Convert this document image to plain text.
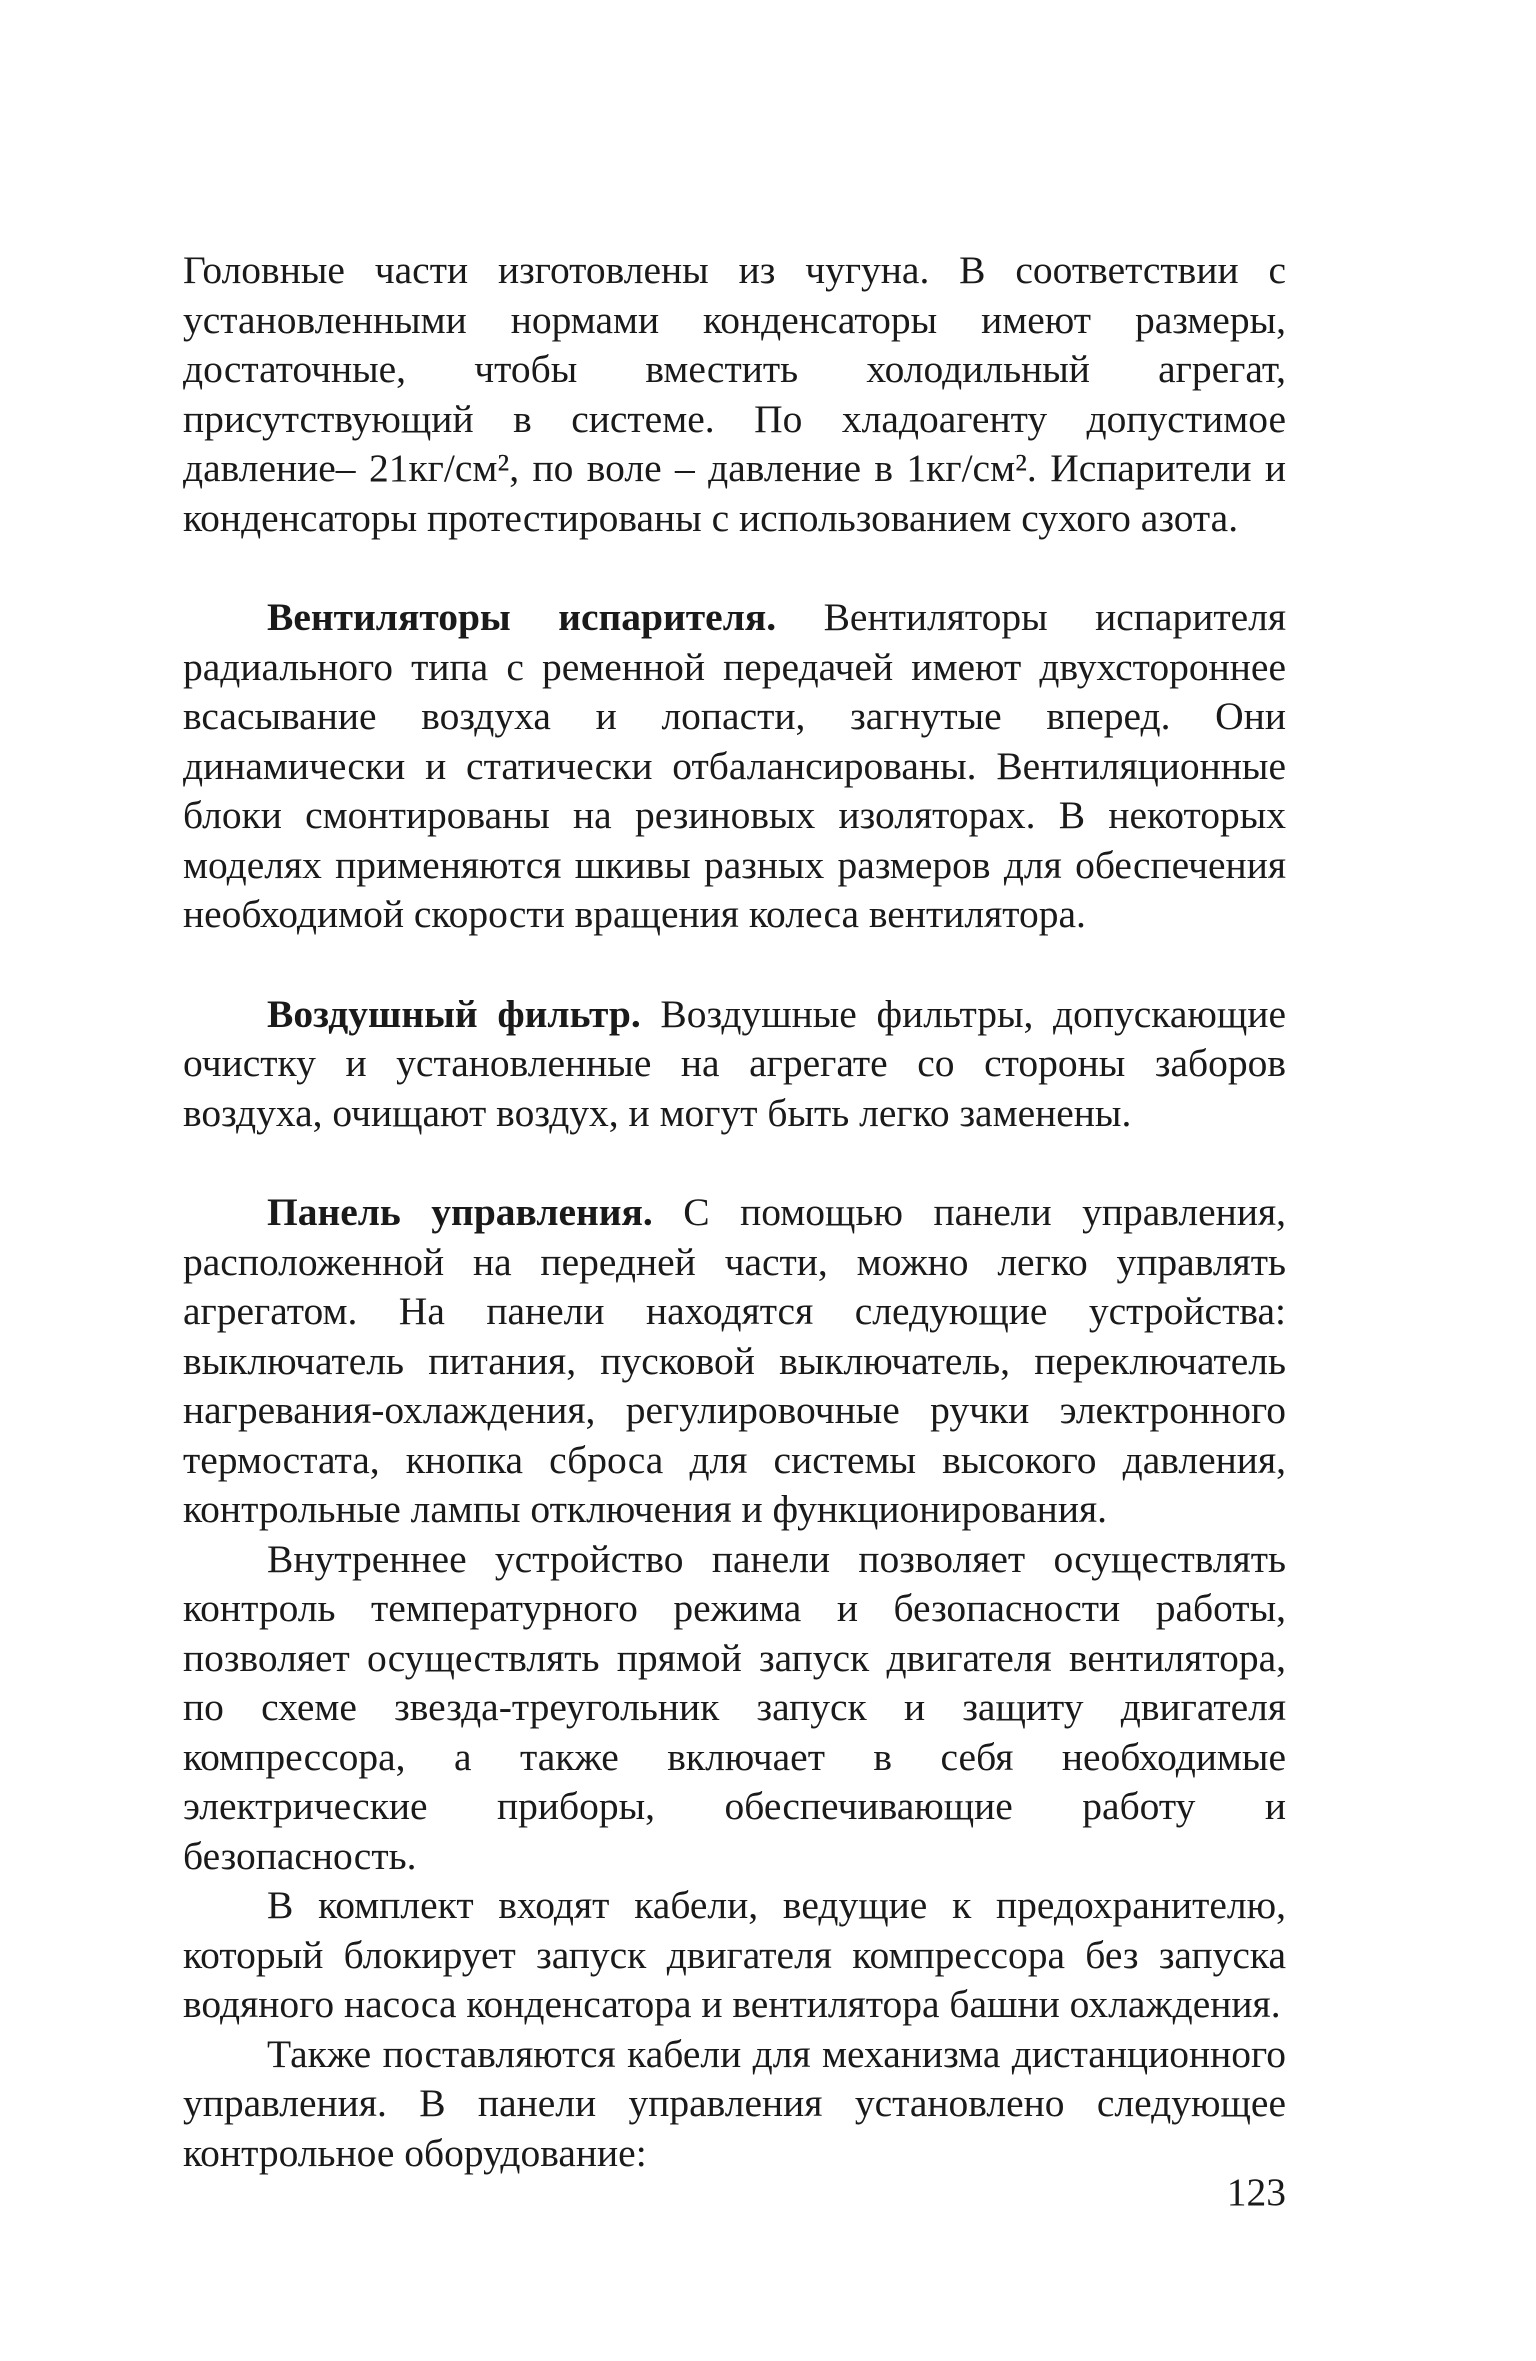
Головные части изготовлены из чугуна. В соответствии с установленными нормами конденсаторы имеют размеры, достаточные, чтобы вместить холодильный агрегат, присутствующий в системе. По хладоагенту допустимое давление– 21кг/см², по воле – давление в 1кг/см². Испарители и конденсаторы протестированы с использованием сухого азота.

Вентиляторы испарителя. Вентиляторы испарителя радиального типа с ременной передачей имеют двухстороннее всасывание воздуха и лопасти, загнутые вперед. Они динамически и статически отбалансированы. Вентиляционные блоки смонтированы на резиновых изоляторах. В некоторых моделях применяются шкивы разных размеров для обеспечения необходимой скорости вращения колеса вентилятора.

Воздушный фильтр. Воздушные фильтры, допускающие очистку и установленные на агрегате со стороны заборов воздуха, очищают воздух, и могут быть легко заменены.

Панель управления. С помощью панели управления, расположенной на передней части, можно легко управлять агрегатом. На панели находятся следующие устройства: выключатель питания, пусковой выключатель, переключатель нагревания-охлаждения, регулировочные ручки электронного термостата, кнопка сброса для системы высокого давления, контрольные лампы отключения и функционирования.

Внутреннее устройство панели позволяет осуществлять контроль температурного режима и безопасности работы, позволяет осуществлять прямой запуск двигателя вентилятора, по схеме звезда-треугольник запуск и защиту двигателя компрессора, а также включает в себя необходимые электрические приборы, обеспечивающие работу и безопасность.

В комплект входят кабели, ведущие к предохранителю, который блокирует запуск двигателя компрессора без запуска водяного насоса конденсатора и вентилятора башни охлаждения.

Также поставляются кабели для механизма дистанционного управления. В панели управления установлено следующее контрольное оборудование:

123
